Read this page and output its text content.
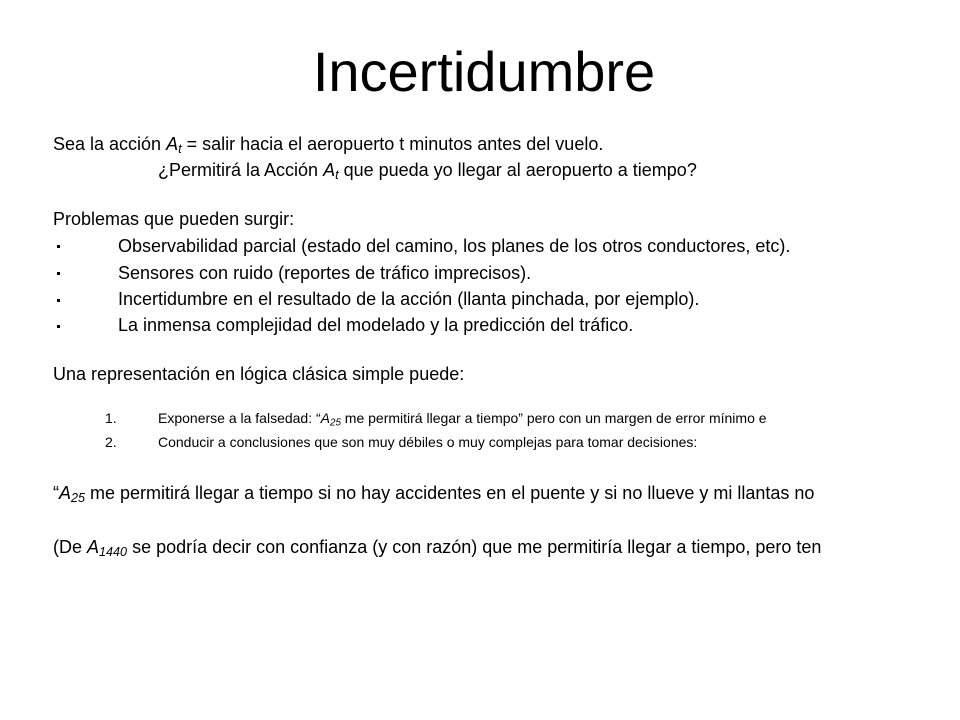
Incertidumbre
Sea la acción $A_t$ = salir hacia el aeropuerto t minutos antes del vuelo.
¿Permitirá la Acción $A_t$ que pueda yo llegar al aeropuerto a tiempo?
Problemas que pueden surgir:
Observabilidad parcial (estado del camino, los planes de los otros conductores, etc).
Sensores con ruido (reportes de tráfico imprecisos).
Incertidumbre en el resultado de la acción (llanta pinchada, por ejemplo).
La inmensa complejidad del modelado y la predicción del tráfico.
Una representación en lógica clásica simple puede:
1.	Exponerse a la falsedad: “$A_{25}$ me permitirá llegar a tiempo” pero con un margen de error mínimo e
2.	Conducir a conclusiones que son muy débiles o muy complejas para tomar decisiones:
“$A_{25}$ me permitirá llegar a tiempo si no hay accidentes en el puente y si no llueve y mi llantas no
(De $A_{1440}$ se podría decir con confianza (y con razón) que me permitiría llegar a tiempo, pero ten
